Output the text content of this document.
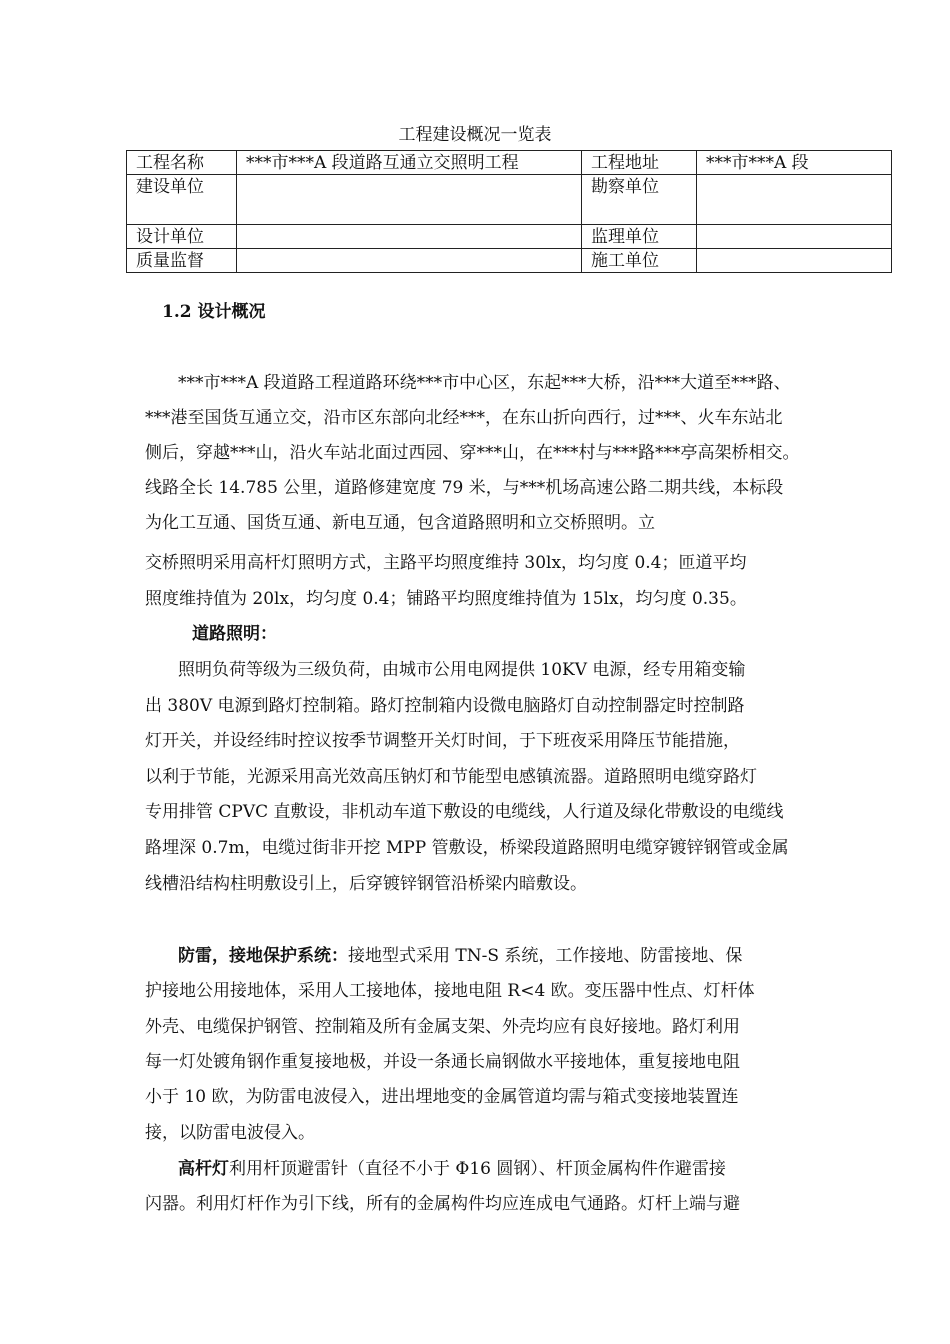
工程建设概况一览表
工程名称	***市***A 段道路互通立交照明工程	工程地址	***市***A 段
建设单位		勘察单位	
设计单位		监理单位	
质量监督		施工单位	
1.2 设计概况
***市***A 段道路工程道路环绕***市中心区，东起***大桥，沿***大道至***路、
***港至国货互通立交，沿市区东部向北经***，在东山折向西行，过***、火车东站北
侧后，穿越***山，沿火车站北面过西园、穿***山，在***村与***路***亭高架桥相交。
线路全长 14.785 公里，道路修建宽度 79 米，与***机场高速公路二期共线，本标段
为化工互通、国货互通、新电互通，包含道路照明和立交桥照明。立
交桥照明采用高杆灯照明方式，主路平均照度维持 30lx，均匀度 0.4；匝道平均
照度维持值为 20lx，均匀度 0.4；铺路平均照度维持值为 15lx，均匀度 0.35。
道路照明：
照明负荷等级为三级负荷，由城市公用电网提供 10KV 电源，经专用箱变输
出 380V 电源到路灯控制箱。路灯控制箱内设微电脑路灯自动控制器定时控制路
灯开关，并设经纬时控议按季节调整开关灯时间，于下班夜采用降压节能措施，
以利于节能，光源采用高光效高压钠灯和节能型电感镇流器。道路照明电缆穿路灯
专用排管 CPVC 直敷设，非机动车道下敷设的电缆线，人行道及绿化带敷设的电缆线
路埋深 0.7m，电缆过街非开挖 MPP 管敷设，桥梁段道路照明电缆穿镀锌钢管或金属
线槽沿结构柱明敷设引上，后穿镀锌钢管沿桥梁内暗敷设。
防雷，接地保护系统：接地型式采用 TN-S 系统，工作接地、防雷接地、保
护接地公用接地体，采用人工接地体，接地电阻 R<4 欧。变压器中性点、灯杆体
外壳、电缆保护钢管、控制箱及所有金属支架、外壳均应有良好接地。路灯利用
每一灯处镀角钢作重复接地极，并设一条通长扁钢做水平接地体，重复接地电阻
小于 10 欧，为防雷电波侵入，进出埋地变的金属管道均需与箱式变接地装置连
接，以防雷电波侵入。
高杆灯利用杆顶避雷针（直径不小于 Φ16 圆钢）、杆顶金属构件作避雷接
闪器。利用灯杆作为引下线，所有的金属构件均应连成电气通路。灯杆上端与避
